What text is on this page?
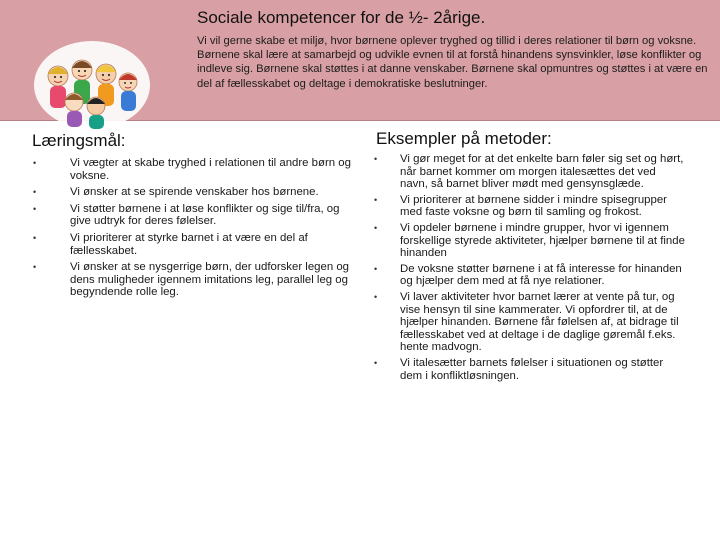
Sociale kompetencer for de ½- 2årige.
Vi vil gerne skabe et miljø, hvor børnene oplever tryghed og tillid i deres relationer til børn og voksne. Børnene skal lære at samarbejd og udvikle evnen til at forstå hinandens synsvinkler, løse konflikter og indleve sig. Børnene skal støttes i at danne venskaber. Børnene skal opmuntres og støttes i at være en del af fællesskabet og deltage i demokratiske beslutninger.
Læringsmål:	Eksempler på metoder:
• Vi vægter at skabe tryghed i relationen til andre børn og voksne.
• Vi ønsker at se spirende venskaber hos børnene.
• Vi støtter børnene i at løse konflikter og sige til/fra, og give udtryk for deres følelser.
• Vi prioriterer at styrke barnet i at være en del af fællesskabet.
• Vi ønsker at se nysgerrige børn, der udforsker legen og dens muligheder igennem imitations leg, parallel leg og begyndende rolle leg.
• Vi gør meget for at det enkelte barn føler sig set og hørt, når barnet kommer om morgen italesættes det ved navn, så barnet bliver mødt med gensynsglæde.
• Vi prioriterer at børnene sidder i mindre spisegrupper med faste voksne og børn til samling og frokost.
• Vi opdeler børnene i mindre grupper, hvor vi igennem forskellige styrede aktiviteter, hjælper børnene til at finde hinanden
• De voksne støtter børnene i at få interesse for hinanden og hjælper dem med at få nye relationer.
• Vi laver aktiviteter hvor barnet lærer at vente på tur, og vise hensyn til sine kammerater. Vi opfordrer til, at de hjælper hinanden. Børnene får følelsen af, at bidrage til fællesskabet ved at deltage i de daglige gøremål f.eks. hente madvogn.
• Vi italesætter barnets følelser i situationen og støtter dem i konfliktløsningen.
